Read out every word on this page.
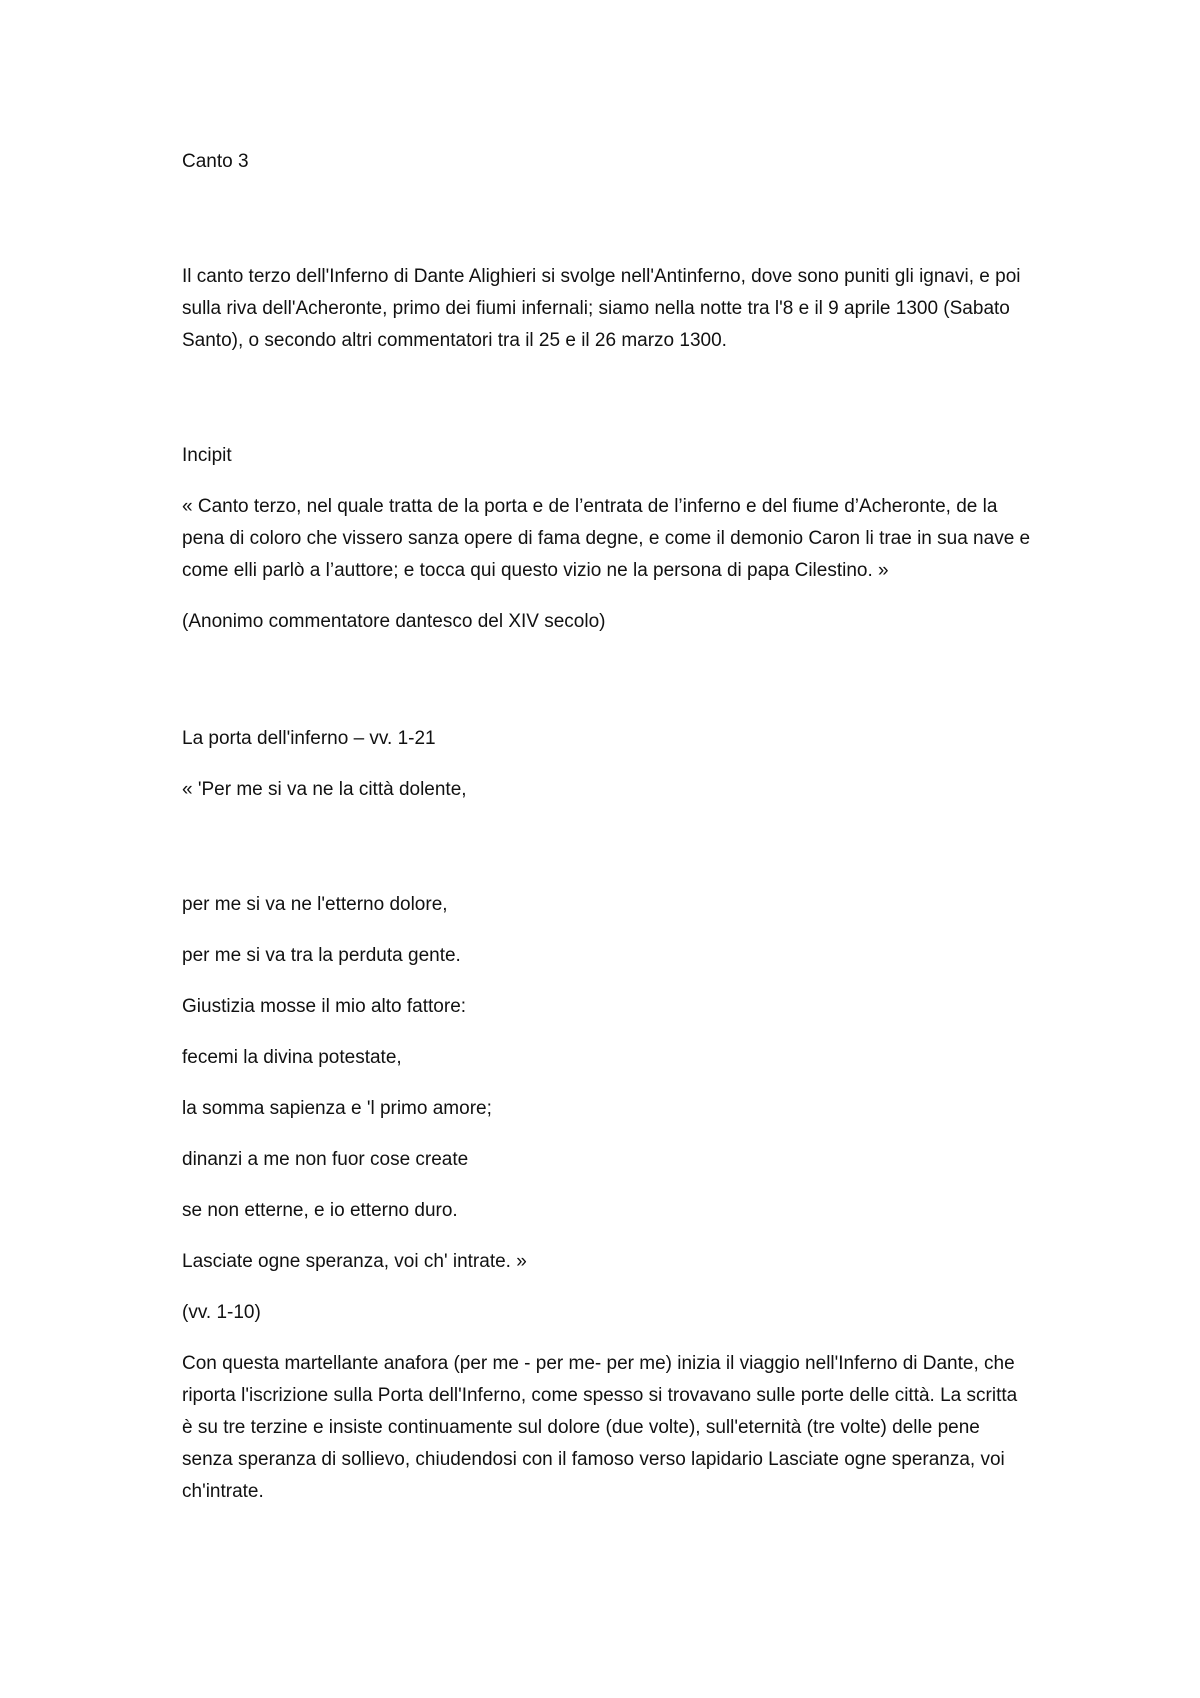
Canto 3

Il canto terzo dell'Inferno di Dante Alighieri si svolge nell'Antinferno, dove sono puniti gli ignavi, e poi sulla riva dell'Acheronte, primo dei fiumi infernali; siamo nella notte tra l'8 e il 9 aprile 1300 (Sabato Santo), o secondo altri commentatori tra il 25 e il 26 marzo 1300.

Incipit

« Canto terzo, nel quale tratta de la porta e de l’entrata de l’inferno e del fiume d’Acheronte, de la pena di coloro che vissero sanza opere di fama degne, e come il demonio Caron li trae in sua nave e come elli parlò a l’auttore; e tocca qui questo vizio ne la persona di papa Cilestino. »

(Anonimo commentatore dantesco del XIV secolo)

La porta dell'inferno – vv. 1-21

« 'Per me si va ne la città dolente,

per me si va ne l'etterno dolore,

per me si va tra la perduta gente.

Giustizia mosse il mio alto fattore:

fecemi la divina potestate,

la somma sapienza e 'l primo amore;

dinanzi a me non fuor cose create

se non etterne, e io etterno duro.

Lasciate ogne speranza, voi ch' intrate. »

(vv. 1-10)

Con questa martellante anafora (per me - per me- per me) inizia il viaggio nell'Inferno di Dante, che riporta l'iscrizione sulla Porta dell'Inferno, come spesso si trovavano sulle porte delle città. La scritta è su tre terzine e insiste continuamente sul dolore (due volte), sull'eternità (tre volte) delle pene senza speranza di sollievo, chiudendosi con il famoso verso lapidario Lasciate ogne speranza, voi ch'intrate.
